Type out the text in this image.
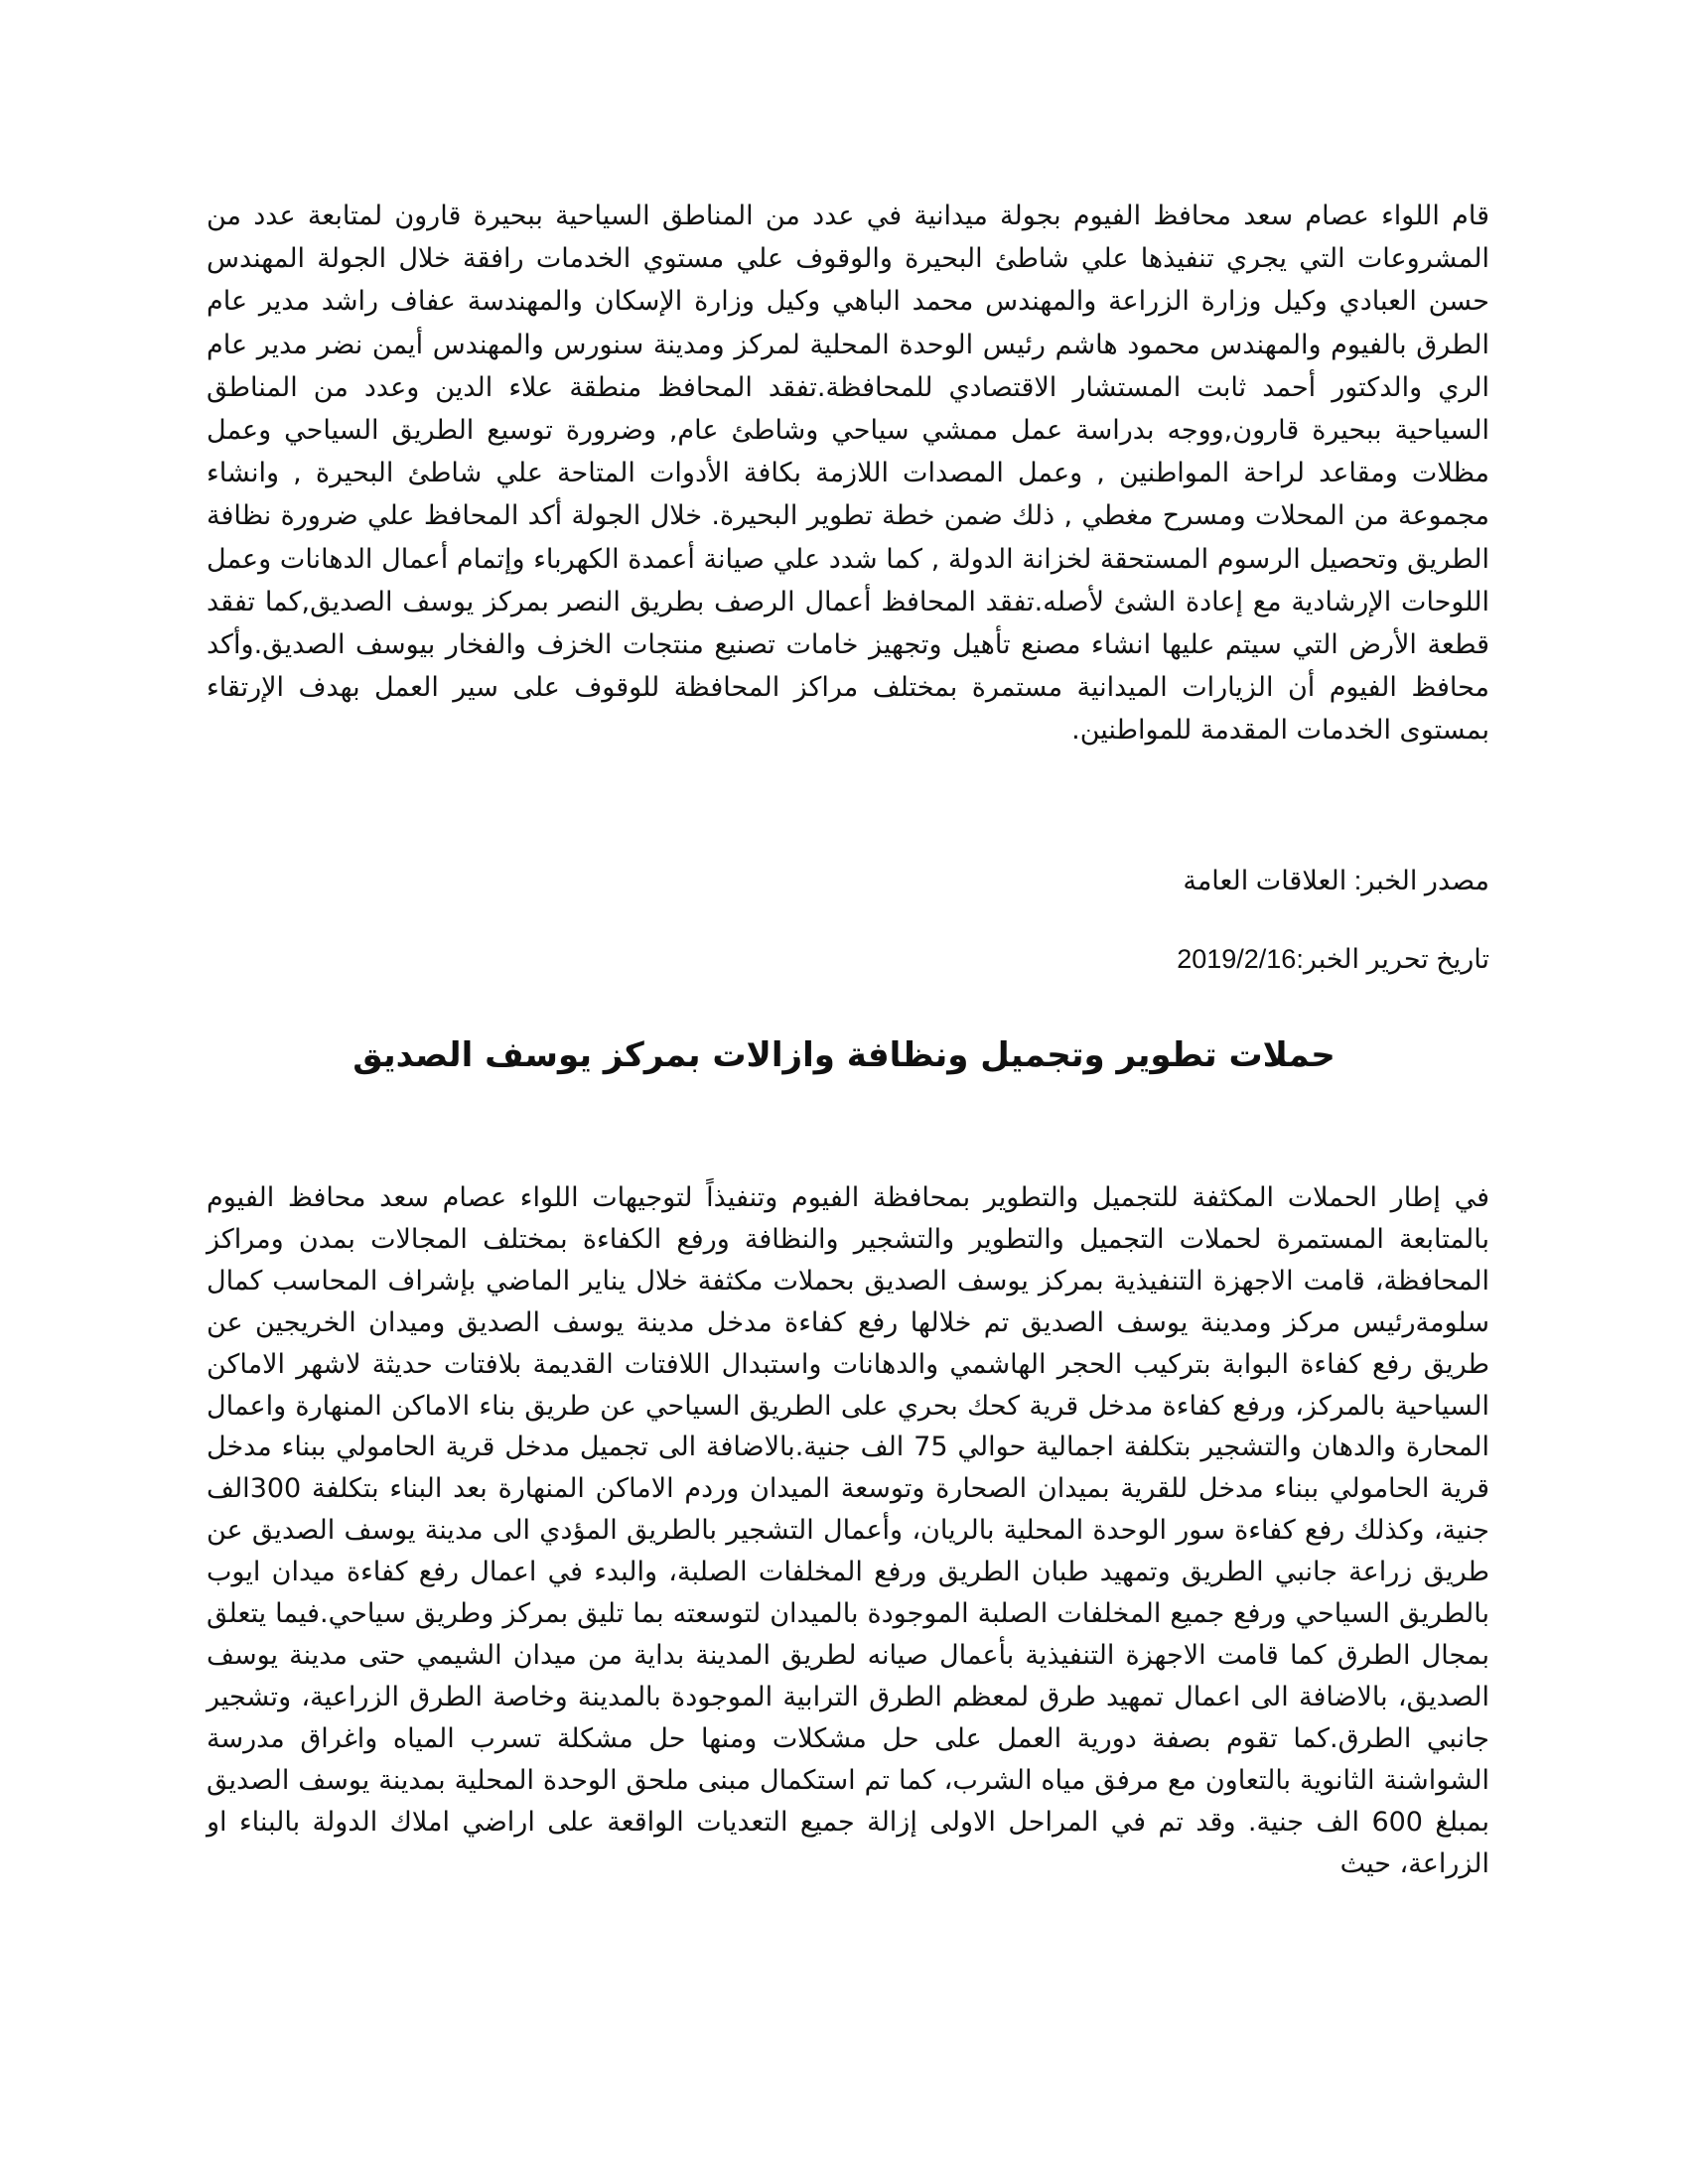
قام اللواء عصام سعد محافظ الفيوم بجولة ميدانية في عدد من المناطق السياحية ببحيرة قارون لمتابعة عدد من المشروعات التي يجري تنفيذها علي شاطئ البحيرة والوقوف علي مستوي الخدمات رافقة خلال الجولة المهندس حسن العبادي وكيل وزارة الزراعة والمهندس محمد الباهي وكيل وزارة الإسكان والمهندسة عفاف راشد مدير عام الطرق بالفيوم والمهندس محمود هاشم رئيس الوحدة المحلية لمركز ومدينة سنورس والمهندس أيمن نضر مدير عام الري والدكتور أحمد ثابت المستشار الاقتصادي للمحافظة.تفقد المحافظ منطقة علاء الدين وعدد من المناطق السياحية ببحيرة قارون,ووجه بدراسة عمل ممشي سياحي وشاطئ عام, وضرورة توسيع الطريق السياحي وعمل مظلات ومقاعد لراحة المواطنين , وعمل المصدات اللازمة بكافة الأدوات المتاحة علي شاطئ البحيرة , وانشاء مجموعة من المحلات ومسرح مغطي , ذلك ضمن خطة تطوير البحيرة. خلال الجولة أكد المحافظ علي ضرورة نظافة الطريق وتحصيل الرسوم المستحقة لخزانة الدولة , كما شدد علي صيانة أعمدة الكهرباء وإتمام أعمال الدهانات وعمل اللوحات الإرشادية مع إعادة الشئ لأصله.تفقد المحافظ أعمال الرصف بطريق النصر بمركز يوسف الصديق,كما تفقد قطعة الأرض التي سيتم عليها انشاء مصنع تأهيل وتجهيز خامات تصنيع منتجات الخزف والفخار بيوسف الصديق.وأكد محافظ الفيوم أن الزيارات الميدانية مستمرة بمختلف مراكز المحافظة للوقوف على سير العمل بهدف الإرتقاء بمستوى الخدمات المقدمة للمواطنين.

مصدر الخبر: العلاقات العامة
تاريخ تحرير الخبر:2019/2/16
حملات تطوير وتجميل ونظافة وازالات بمركز يوسف الصديق

في إطار الحملات المكثفة للتجميل والتطوير بمحافظة الفيوم وتنفيذاً لتوجيهات اللواء عصام سعد محافظ الفيوم بالمتابعة المستمرة لحملات التجميل والتطوير والتشجير والنظافة ورفع الكفاءة بمختلف المجالات بمدن ومراكز المحافظة، قامت الاجهزة التنفيذية بمركز يوسف الصديق بحملات مكثفة خلال يناير الماضي بإشراف المحاسب كمال سلومةرئيس مركز ومدينة يوسف الصديق تم خلالها رفع كفاءة مدخل مدينة يوسف الصديق وميدان الخريجين عن طريق رفع كفاءة البوابة بتركيب الحجر الهاشمي والدهانات واستبدال اللافتات القديمة بلافتات حديثة لاشهر الاماكن السياحية بالمركز، ورفع كفاءة مدخل قرية كحك بحري على الطريق السياحي عن طريق بناء الاماكن المنهارة واعمال المحارة والدهان والتشجير بتكلفة اجمالية حوالي 75 الف جنية.بالاضافة الى تجميل مدخل قرية الحامولي ببناء مدخل قرية الحامولي ببناء مدخل للقرية بميدان الصحارة وتوسعة الميدان وردم الاماكن المنهارة بعد البناء بتكلفة 300الف جنية، وكذلك رفع كفاءة سور الوحدة المحلية بالريان، وأعمال التشجير بالطريق المؤدي الى مدينة يوسف الصديق عن طريق زراعة جانبي الطريق وتمهيد طبان الطريق ورفع المخلفات الصلبة، والبدء في اعمال رفع كفاءة ميدان ايوب بالطريق السياحي ورفع جميع المخلفات الصلبة الموجودة بالميدان لتوسعته بما تليق بمركز وطريق سياحي.فيما يتعلق بمجال الطرق كما قامت الاجهزة التنفيذية بأعمال صيانه لطريق المدينة بداية من ميدان الشيمي حتى مدينة يوسف الصديق، بالاضافة الى اعمال تمهيد طرق لمعظم الطرق الترابية الموجودة بالمدينة وخاصة الطرق الزراعية، وتشجير جانبي الطرق.كما تقوم بصفة دورية العمل على حل مشكلات ومنها حل مشكلة تسرب المياه واغراق مدرسة الشواشنة الثانوية بالتعاون مع مرفق مياه الشرب، كما تم استكمال مبنى ملحق الوحدة المحلية بمدينة يوسف الصديق بمبلغ 600 الف جنية. وقد تم في المراحل الاولى إزالة جميع التعديات الواقعة على اراضي املاك الدولة بالبناء او الزراعة، حيث
